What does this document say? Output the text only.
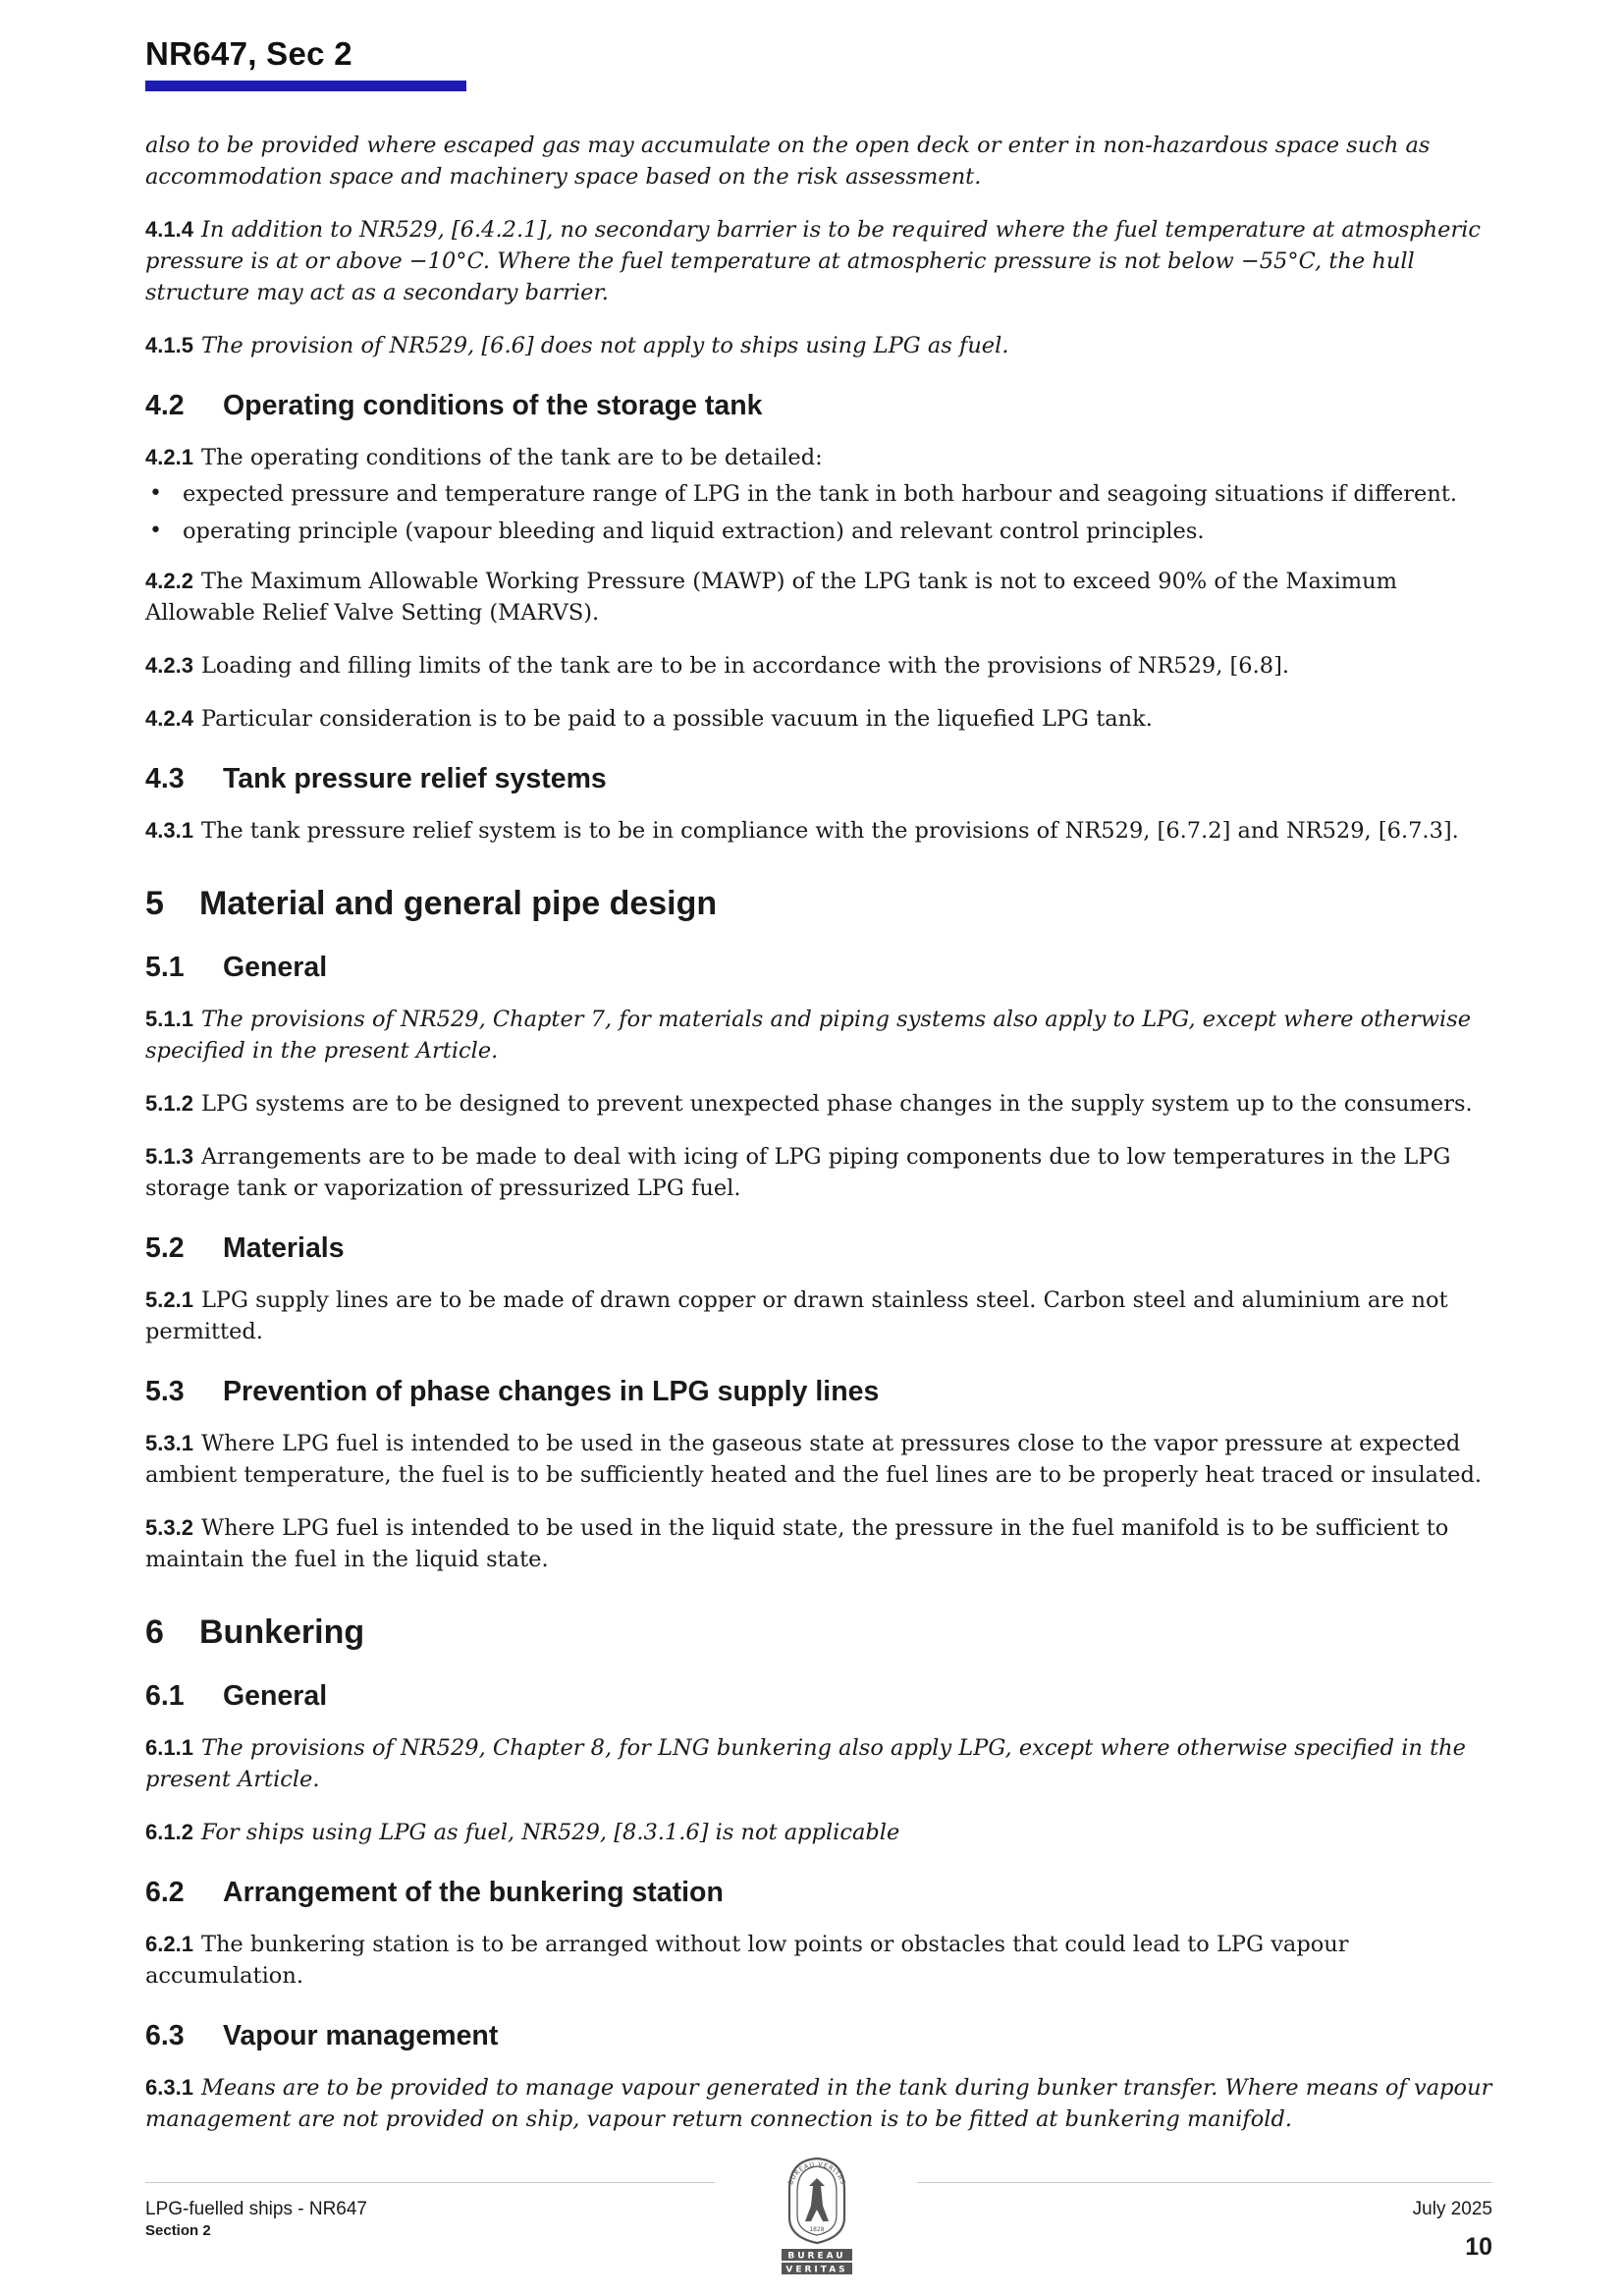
NR647, Sec 2

also to be provided where escaped gas may accumulate on the open deck or enter in non-hazardous space such as accommodation space and machinery space based on the risk assessment.

4.1.4 In addition to NR529, [6.4.2.1], no secondary barrier is to be required where the fuel temperature at atmospheric pressure is at or above −10°C. Where the fuel temperature at atmospheric pressure is not below −55°C, the hull structure may act as a secondary barrier.

4.1.5 The provision of NR529, [6.6] does not apply to ships using LPG as fuel.

4.2 Operating conditions of the storage tank

4.2.1 The operating conditions of the tank are to be detailed:

• expected pressure and temperature range of LPG in the tank in both harbour and seagoing situations if different.
• operating principle (vapour bleeding and liquid extraction) and relevant control principles.

4.2.2 The Maximum Allowable Working Pressure (MAWP) of the LPG tank is not to exceed 90% of the Maximum Allowable Relief Valve Setting (MARVS).

4.2.3 Loading and filling limits of the tank are to be in accordance with the provisions of NR529, [6.8].

4.2.4 Particular consideration is to be paid to a possible vacuum in the liquefied LPG tank.

4.3 Tank pressure relief systems

4.3.1 The tank pressure relief system is to be in compliance with the provisions of NR529, [6.7.2] and NR529, [6.7.3].

5 Material and general pipe design
5.1 General

5.1.1 The provisions of NR529, Chapter 7, for materials and piping systems also apply to LPG, except where otherwise specified in the present Article.

5.1.2 LPG systems are to be designed to prevent unexpected phase changes in the supply system up to the consumers.

5.1.3 Arrangements are to be made to deal with icing of LPG piping components due to low temperatures in the LPG storage tank or vaporization of pressurized LPG fuel.

5.2 Materials

5.2.1 LPG supply lines are to be made of drawn copper or drawn stainless steel. Carbon steel and aluminium are not permitted.

5.3 Prevention of phase changes in LPG supply lines

5.3.1 Where LPG fuel is intended to be used in the gaseous state at pressures close to the vapor pressure at expected ambient temperature, the fuel is to be sufficiently heated and the fuel lines are to be properly heat traced or insulated.

5.3.2 Where LPG fuel is intended to be used in the liquid state, the pressure in the fuel manifold is to be sufficient to maintain the fuel in the liquid state.

6 Bunkering
6.1 General

6.1.1 The provisions of NR529, Chapter 8, for LNG bunkering also apply LPG, except where otherwise specified in the present Article.

6.1.2 For ships using LPG as fuel, NR529, [8.3.1.6] is not applicable

6.2 Arrangement of the bunkering station

6.2.1 The bunkering station is to be arranged without low points or obstacles that could lead to LPG vapour accumulation.

6.3 Vapour management

6.3.1 Means are to be provided to manage vapour generated in the tank during bunker transfer. Where means of vapour management are not provided on ship, vapour return connection is to be fitted at bunkering manifold.

LPG-fuelled ships - NR647
Section 2
BUREAU VERITAS
1828
BUREAU
VERITAS
July 2025
10
